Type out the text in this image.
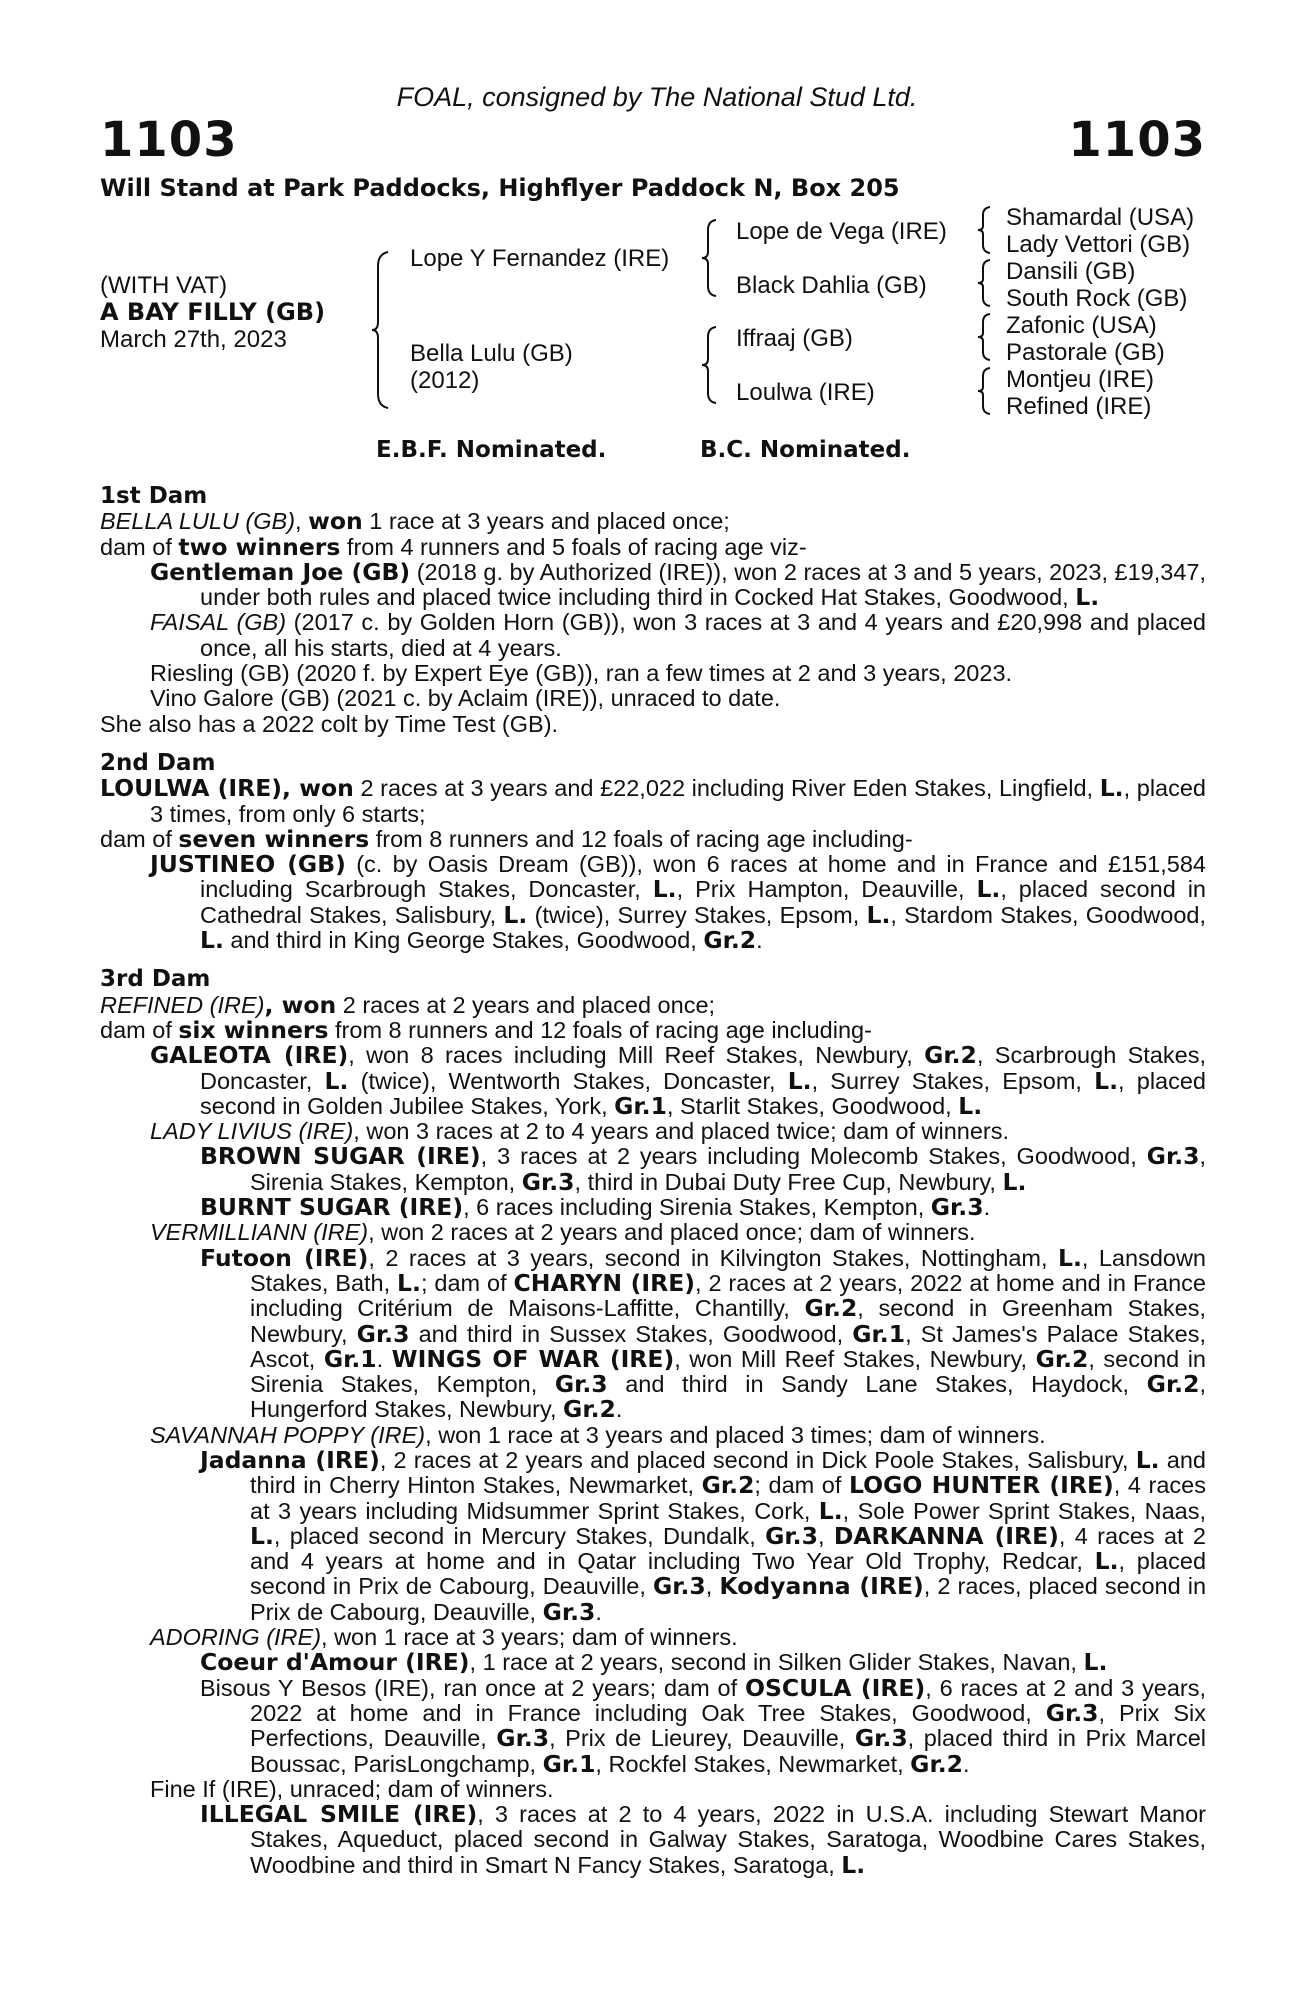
FOAL, consigned by The National Stud Ltd.
1103	1103
Will Stand at Park Paddocks, Highflyer Paddock N, Box 205
(WITH VAT)
A BAY FILLY (GB)
March 27th, 2023
Lope Y Fernandez (IRE)
Bella Lulu (GB)
(2012)
Lope de Vega (IRE)
Black Dahlia (GB)
Iffraaj (GB)
Loulwa (IRE)
Shamardal (USA)
Lady Vettori (GB)
Dansili (GB)
South Rock (GB)
Zafonic (USA)
Pastorale (GB)
Montjeu (IRE)
Refined (IRE)
E.B.F. Nominated.	B.C. Nominated.

1st Dam

BELLA LULU (GB), won 1 race at 3 years and placed once;

dam of two winners from 4 runners and 5 foals of racing age viz-

Gentleman Joe (GB) (2018 g. by Authorized (IRE)), won 2 races at 3 and 5 years, 2023, £19,347, under both rules and placed twice including third in Cocked Hat Stakes, Goodwood, L.

FAISAL (GB) (2017 c. by Golden Horn (GB)), won 3 races at 3 and 4 years and £20,998 and placed once, all his starts, died at 4 years.

Riesling (GB) (2020 f. by Expert Eye (GB)), ran a few times at 2 and 3 years, 2023.

Vino Galore (GB) (2021 c. by Aclaim (IRE)), unraced to date.

She also has a 2022 colt by Time Test (GB).

2nd Dam

LOULWA (IRE), won 2 races at 3 years and £22,022 including River Eden Stakes, Lingfield, L., placed 3 times, from only 6 starts;

dam of seven winners from 8 runners and 12 foals of racing age including-

JUSTINEO (GB) (c. by Oasis Dream (GB)), won 6 races at home and in France and £151,584 including Scarbrough Stakes, Doncaster, L., Prix Hampton, Deauville, L., placed second in Cathedral Stakes, Salisbury, L. (twice), Surrey Stakes, Epsom, L., Stardom Stakes, Goodwood, L. and third in King George Stakes, Goodwood, Gr.2.

3rd Dam

REFINED (IRE), won 2 races at 2 years and placed once;

dam of six winners from 8 runners and 12 foals of racing age including-

GALEOTA (IRE), won 8 races including Mill Reef Stakes, Newbury, Gr.2, Scarbrough Stakes, Doncaster, L. (twice), Wentworth Stakes, Doncaster, L., Surrey Stakes, Epsom, L., placed second in Golden Jubilee Stakes, York, Gr.1, Starlit Stakes, Goodwood, L.

LADY LIVIUS (IRE), won 3 races at 2 to 4 years and placed twice; dam of winners.

BROWN SUGAR (IRE), 3 races at 2 years including Molecomb Stakes, Goodwood, Gr.3, Sirenia Stakes, Kempton, Gr.3, third in Dubai Duty Free Cup, Newbury, L.

BURNT SUGAR (IRE), 6 races including Sirenia Stakes, Kempton, Gr.3.

VERMILLIANN (IRE), won 2 races at 2 years and placed once; dam of winners.

Futoon (IRE), 2 races at 3 years, second in Kilvington Stakes, Nottingham, L., Lansdown Stakes, Bath, L.; dam of CHARYN (IRE), 2 races at 2 years, 2022 at home and in France including Critérium de Maisons-Laffitte, Chantilly, Gr.2, second in Greenham Stakes, Newbury, Gr.3 and third in Sussex Stakes, Goodwood, Gr.1, St James's Palace Stakes, Ascot, Gr.1. WINGS OF WAR (IRE), won Mill Reef Stakes, Newbury, Gr.2, second in Sirenia Stakes, Kempton, Gr.3 and third in Sandy Lane Stakes, Haydock, Gr.2, Hungerford Stakes, Newbury, Gr.2.

SAVANNAH POPPY (IRE), won 1 race at 3 years and placed 3 times; dam of winners.

Jadanna (IRE), 2 races at 2 years and placed second in Dick Poole Stakes, Salisbury, L. and third in Cherry Hinton Stakes, Newmarket, Gr.2; dam of LOGO HUNTER (IRE), 4 races at 3 years including Midsummer Sprint Stakes, Cork, L., Sole Power Sprint Stakes, Naas, L., placed second in Mercury Stakes, Dundalk, Gr.3, DARKANNA (IRE), 4 races at 2 and 4 years at home and in Qatar including Two Year Old Trophy, Redcar, L., placed second in Prix de Cabourg, Deauville, Gr.3, Kodyanna (IRE), 2 races, placed second in Prix de Cabourg, Deauville, Gr.3.

ADORING (IRE), won 1 race at 3 years; dam of winners.

Coeur d'Amour (IRE), 1 race at 2 years, second in Silken Glider Stakes, Navan, L.

Bisous Y Besos (IRE), ran once at 2 years; dam of OSCULA (IRE), 6 races at 2 and 3 years, 2022 at home and in France including Oak Tree Stakes, Goodwood, Gr.3, Prix Six Perfections, Deauville, Gr.3, Prix de Lieurey, Deauville, Gr.3, placed third in Prix Marcel Boussac, ParisLongchamp, Gr.1, Rockfel Stakes, Newmarket, Gr.2.

Fine If (IRE), unraced; dam of winners.

ILLEGAL SMILE (IRE), 3 races at 2 to 4 years, 2022 in U.S.A. including Stewart Manor Stakes, Aqueduct, placed second in Galway Stakes, Saratoga, Woodbine Cares Stakes, Woodbine and third in Smart N Fancy Stakes, Saratoga, L.
